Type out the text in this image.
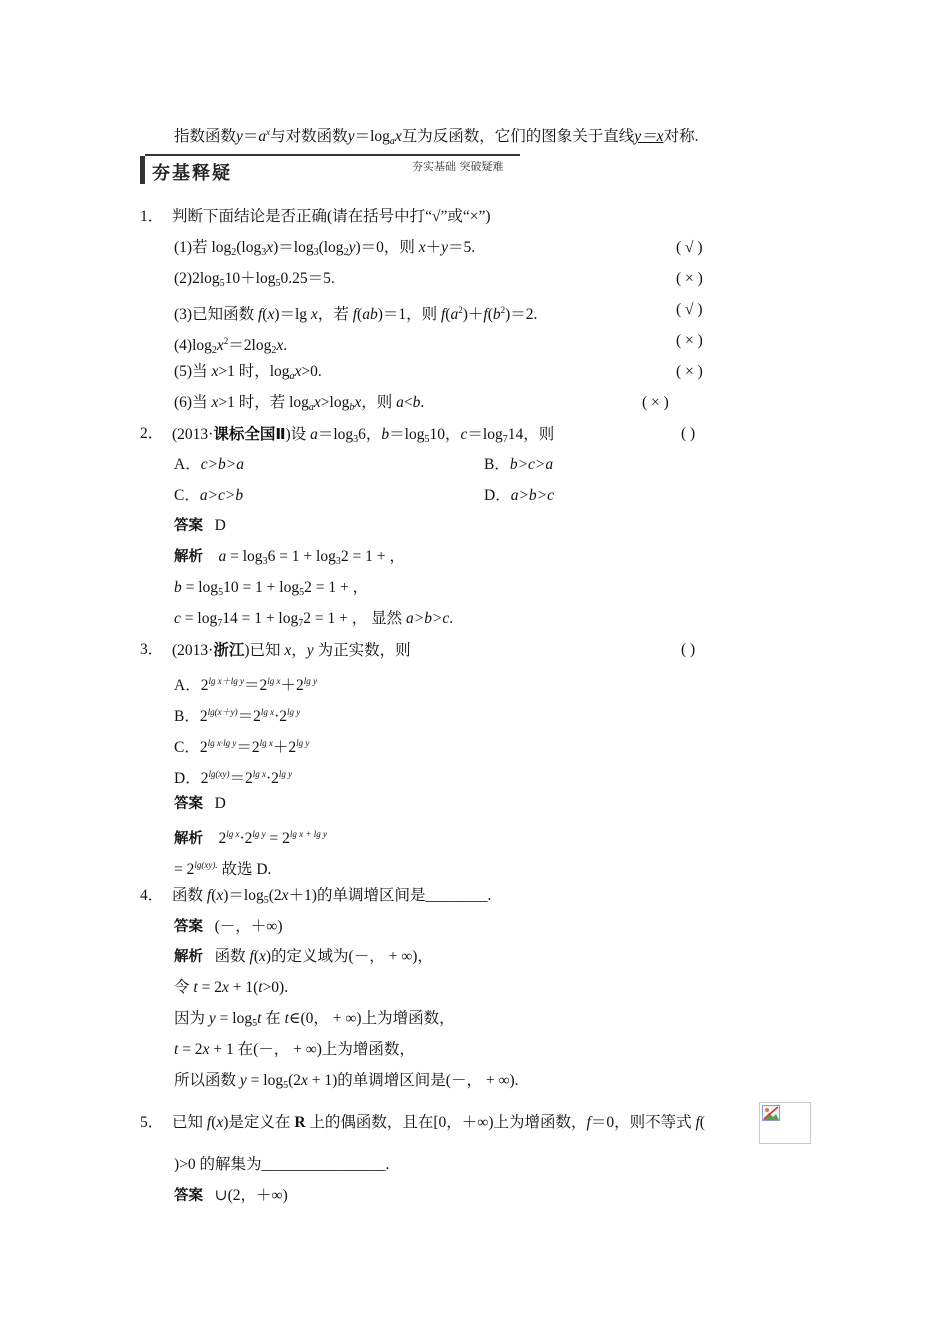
指数函数$y=a^x$与对数函数$y=\log_ax$互为反函数，它们的图象关于直线y＝x对称.
夯基释疑	夯实基础 突破疑难
1． 判断下面结论是否正确(请在括号中打“√”或“×”)
(1)若 $\log_2(\log_3x)=\log_3(\log_2y)=0$，则 x＋y＝5.	( √ )
$(2)2\log_510+\log_50.25=5$.	( × )
(3)已知函数 f(x)＝lg x，若 f(ab)＝1，则 $f(a^2)+f(b^2)=2$.	( √ )
$(4)\log_2x^2=2\log_2x$.	( × )
(5)当 x>1 时，$\log_ax>0$.	( × )
(6)当 x>1 时，若 $\log_ax>\log_bx$，则 a<b.	( × )
2． (2013·课标全国Ⅱ)设 $a=\log_36$，$b=\log_510$，$c=\log_714$，则	( )
A．c>b>a	B．b>c>a
C．a>c>b	D．a>b>c
答案 D
解析 $a = \log_36 = 1 + \log_32 = 1$ + ，
$b = \log_510 = 1 + \log_52 = 1$ + ，
$c = \log_714 = 1 + \log_72 = 1$ + ， 显然 a>b>c.
3． (2013·浙江)已知 x，y 为正实数，则	( )
A．$2^{lg x+lg y}=2^{lg x}+2^{lg y}$
B．$2^{lg(x+y)}=2^{lg x}\cdot 2^{lg y}$
C．$2^{lg x\cdot lg y}=2^{lg x}+2^{lg y}$
D．$2^{lg(xy)}=2^{lg x}\cdot 2^{lg y}$
答案 D
解析 $2^{lg x}\cdot 2^{lg y} = 2^{lg x + lg y}$
= $2^{lg(xy).}$ 故选 D.
4． 函数 $f(x)=\log_5(2x+1)$的单调增区间是________.
答案 (－，＋∞)
解析 函数 f(x)的定义域为(－， + ∞)，
令 t = 2x + 1(t>0).
因为 $y = \log_5t$ 在 t∈(0， + ∞)上为增函数，
t = 2x + 1 在(－， + ∞)上为增函数，
所以函数 $y = \log_5(2x + 1)$的单调增区间是(－， + ∞).
5． 已知 f(x)是定义在 R 上的偶函数，且在[0，＋∞)上为增函数，f＝0，则不等式 f(
)>0 的解集为________________.
答案 ∪(2，＋∞)
